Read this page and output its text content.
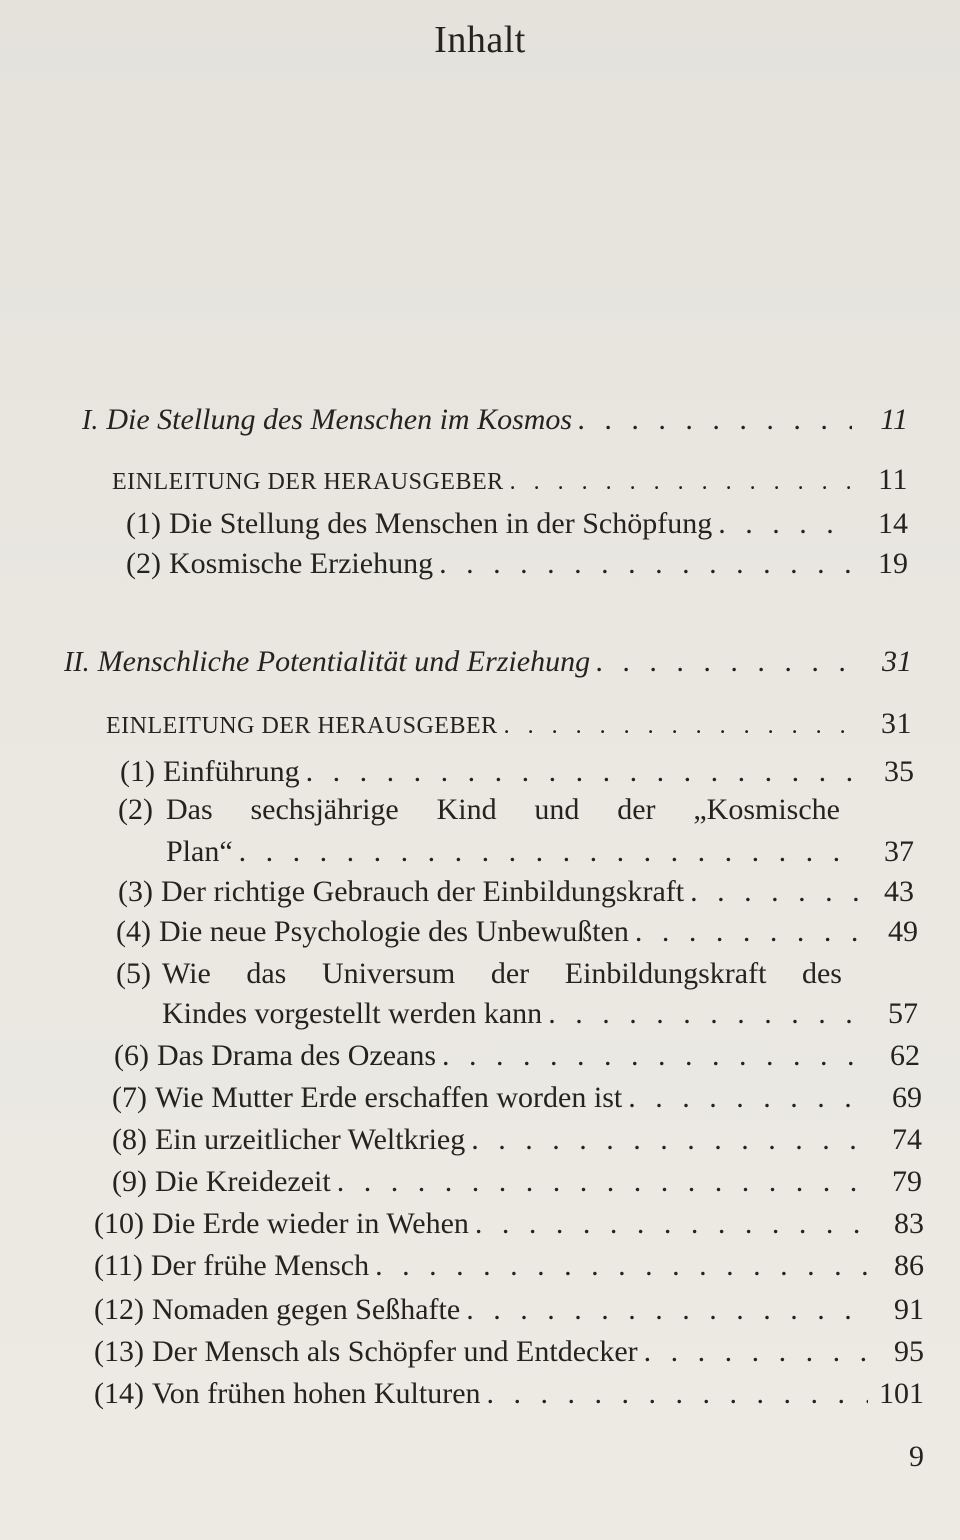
Inhalt
I. Die Stellung des Menschen im Kosmos . . .	11
EINLEITUNG DER HERAUSGEBER . . .	11
(1) Die Stellung des Menschen in der Schöpfung . . .	14
(2) Kosmische Erziehung . . .	19
II. Menschliche Potentialität und Erziehung . . .	31
EINLEITUNG DER HERAUSGEBER . . .	31
(1) Einführung . . .	35
(2) Das sechsjährige Kind und der „Kosmische
Plan“ . . .	37
(3) Der richtige Gebrauch der Einbildungskraft . . .	43
(4) Die neue Psychologie des Unbewußten . . .	49
(5) Wie das Universum der Einbildungskraft des
Kindes vorgestellt werden kann . . .	57
(6) Das Drama des Ozeans . . .	62
(7) Wie Mutter Erde erschaffen worden ist . . .	69
(8) Ein urzeitlicher Weltkrieg . . .	74
(9) Die Kreidezeit . . .	79
(10) Die Erde wieder in Wehen . . .	83
(11) Der frühe Mensch . . .	86
(12) Nomaden gegen Seßhafte . . .	91
(13) Der Mensch als Schöpfer und Entdecker . . .	95
(14) Von frühen hohen Kulturen . . .	101
9
